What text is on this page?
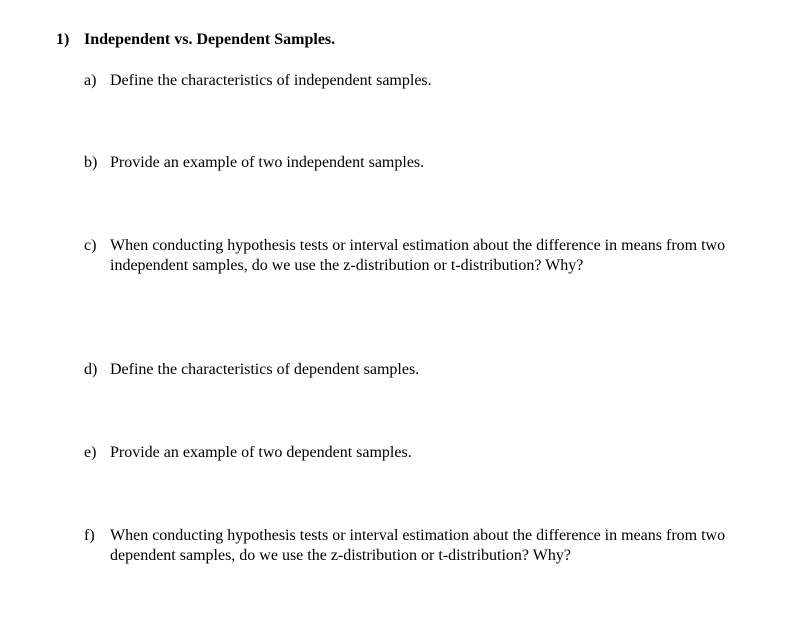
1) Independent vs. Dependent Samples.
a) Define the characteristics of independent samples.
b) Provide an example of two independent samples.
c) When conducting hypothesis tests or interval estimation about the difference in means from two independent samples, do we use the z-distribution or t-distribution? Why?
d) Define the characteristics of dependent samples.
e) Provide an example of two dependent samples.
f) When conducting hypothesis tests or interval estimation about the difference in means from two dependent samples, do we use the z-distribution or t-distribution? Why?
